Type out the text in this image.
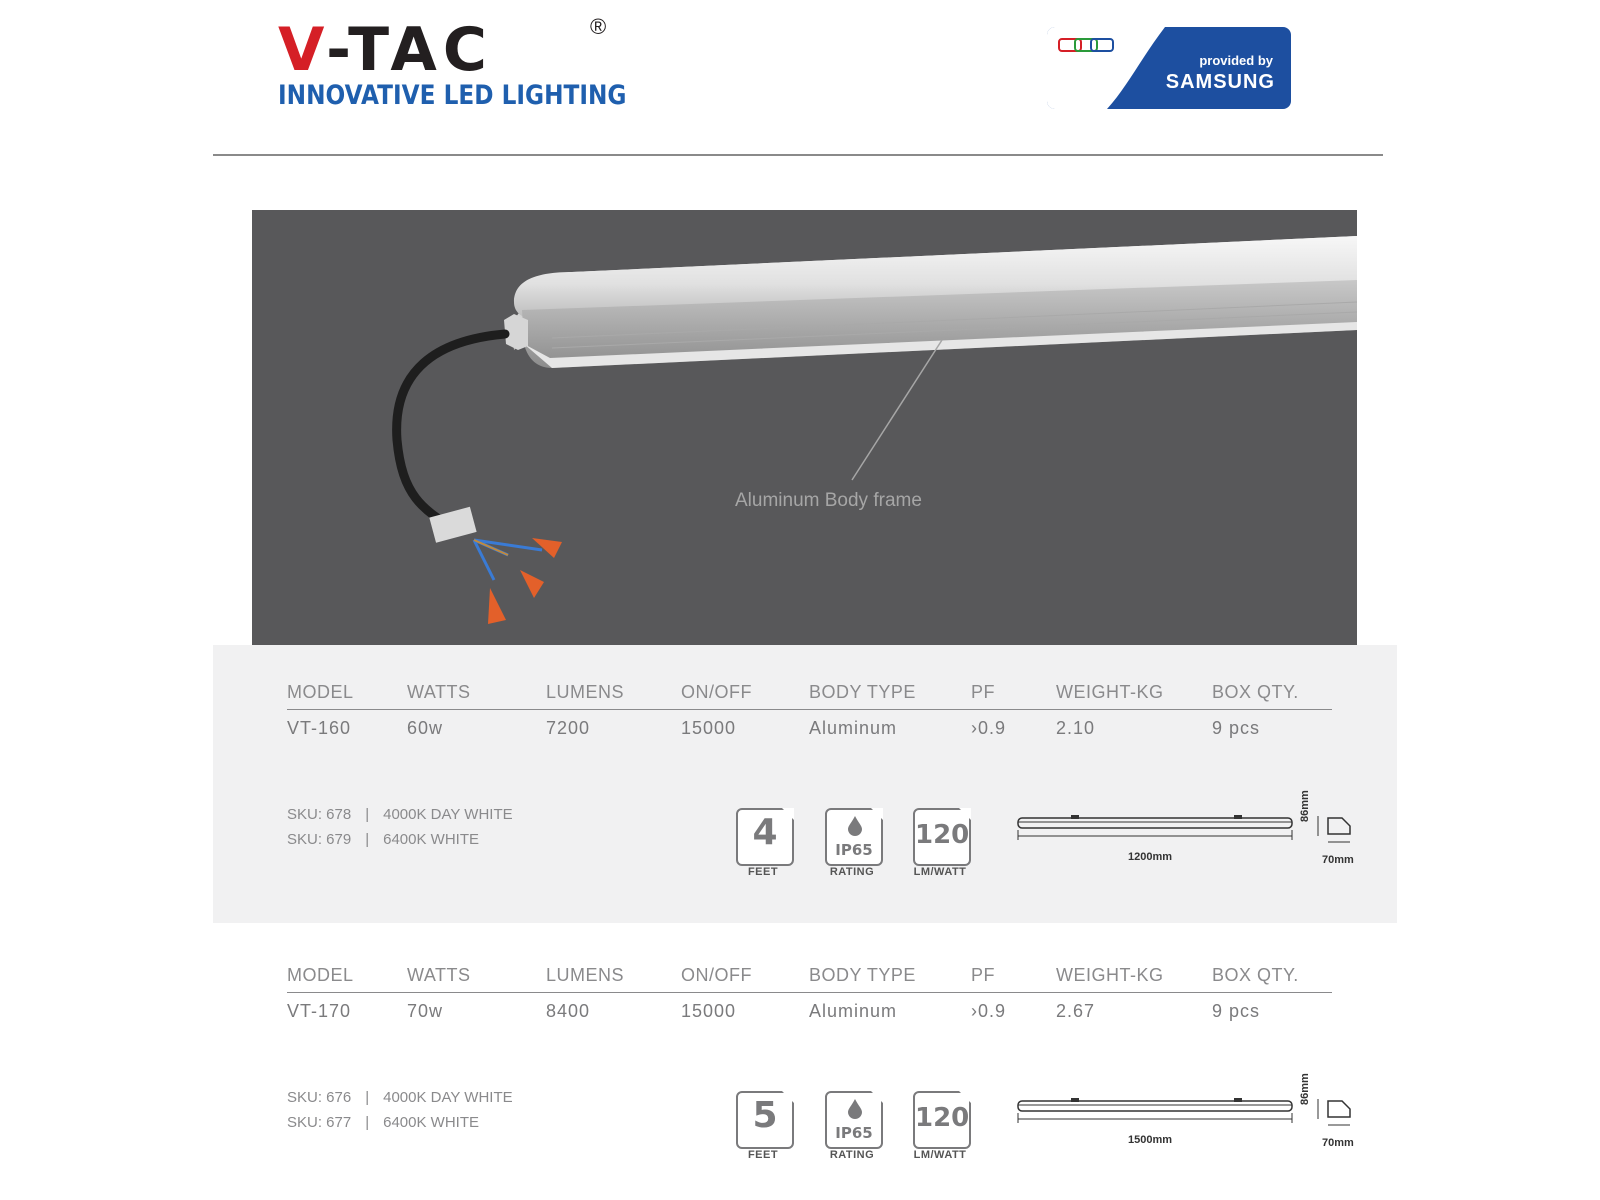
V-TAC	®
INNOVATIVE LED LIGHTING
provided by
SAMSUNG
Aluminum Body frame
MODEL	WATTS	LUMENS	ON/OFF	BODY TYPE	PF	WEIGHT-KG	BOX QTY.
VT-160	60w	7200	15000	Aluminum	›0.9	2.10	9 pcs
SKU: 678 | 4000K DAY WHITE
SKU: 679 | 6400K WHITE	4
FEET
IP65
RATING
120
LM/WATT
1200mm
86mm
70mm
MODEL	WATTS	LUMENS	ON/OFF	BODY TYPE	PF	WEIGHT-KG	BOX QTY.
VT-170	70w	8400	15000	Aluminum	›0.9	2.67	9 pcs
SKU: 676 | 4000K DAY WHITE
SKU: 677 | 6400K WHITE	5
FEET
IP65
RATING
120
LM/WATT
1500mm
86mm
70mm
